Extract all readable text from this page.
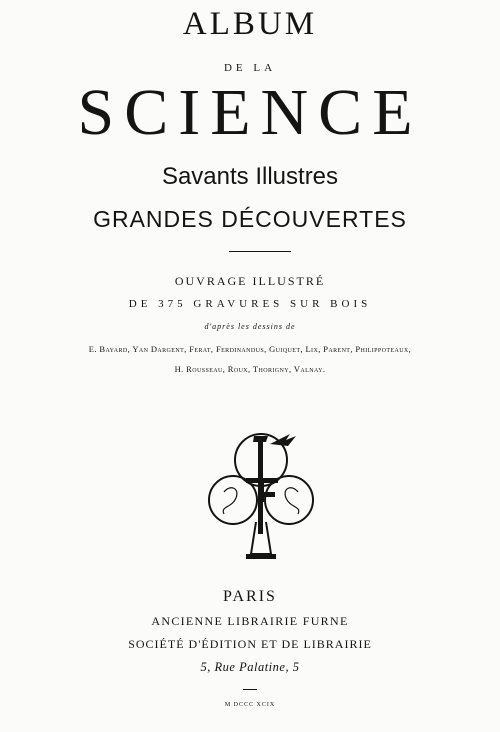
ALBUM
DE LA
SCIENCE
Savants Illustres
GRANDES DÉCOUVERTES
OUVRAGE ILLUSTRÉ
DE 375 GRAVURES SUR BOIS
d'après les dessins de
E. Bayard, Yan Dargent, Ferat, Ferdinandus, Guiquet, Lix, Parent, Philippoteaux,
H. Rousseau, Roux, Thorigny, Valnay.
PARIS
ANCIENNE LIBRAIRIE FURNE
SOCIÉTÉ D'ÉDITION ET DE LIBRAIRIE
5, Rue Palatine, 5
M DCCC XCIX
